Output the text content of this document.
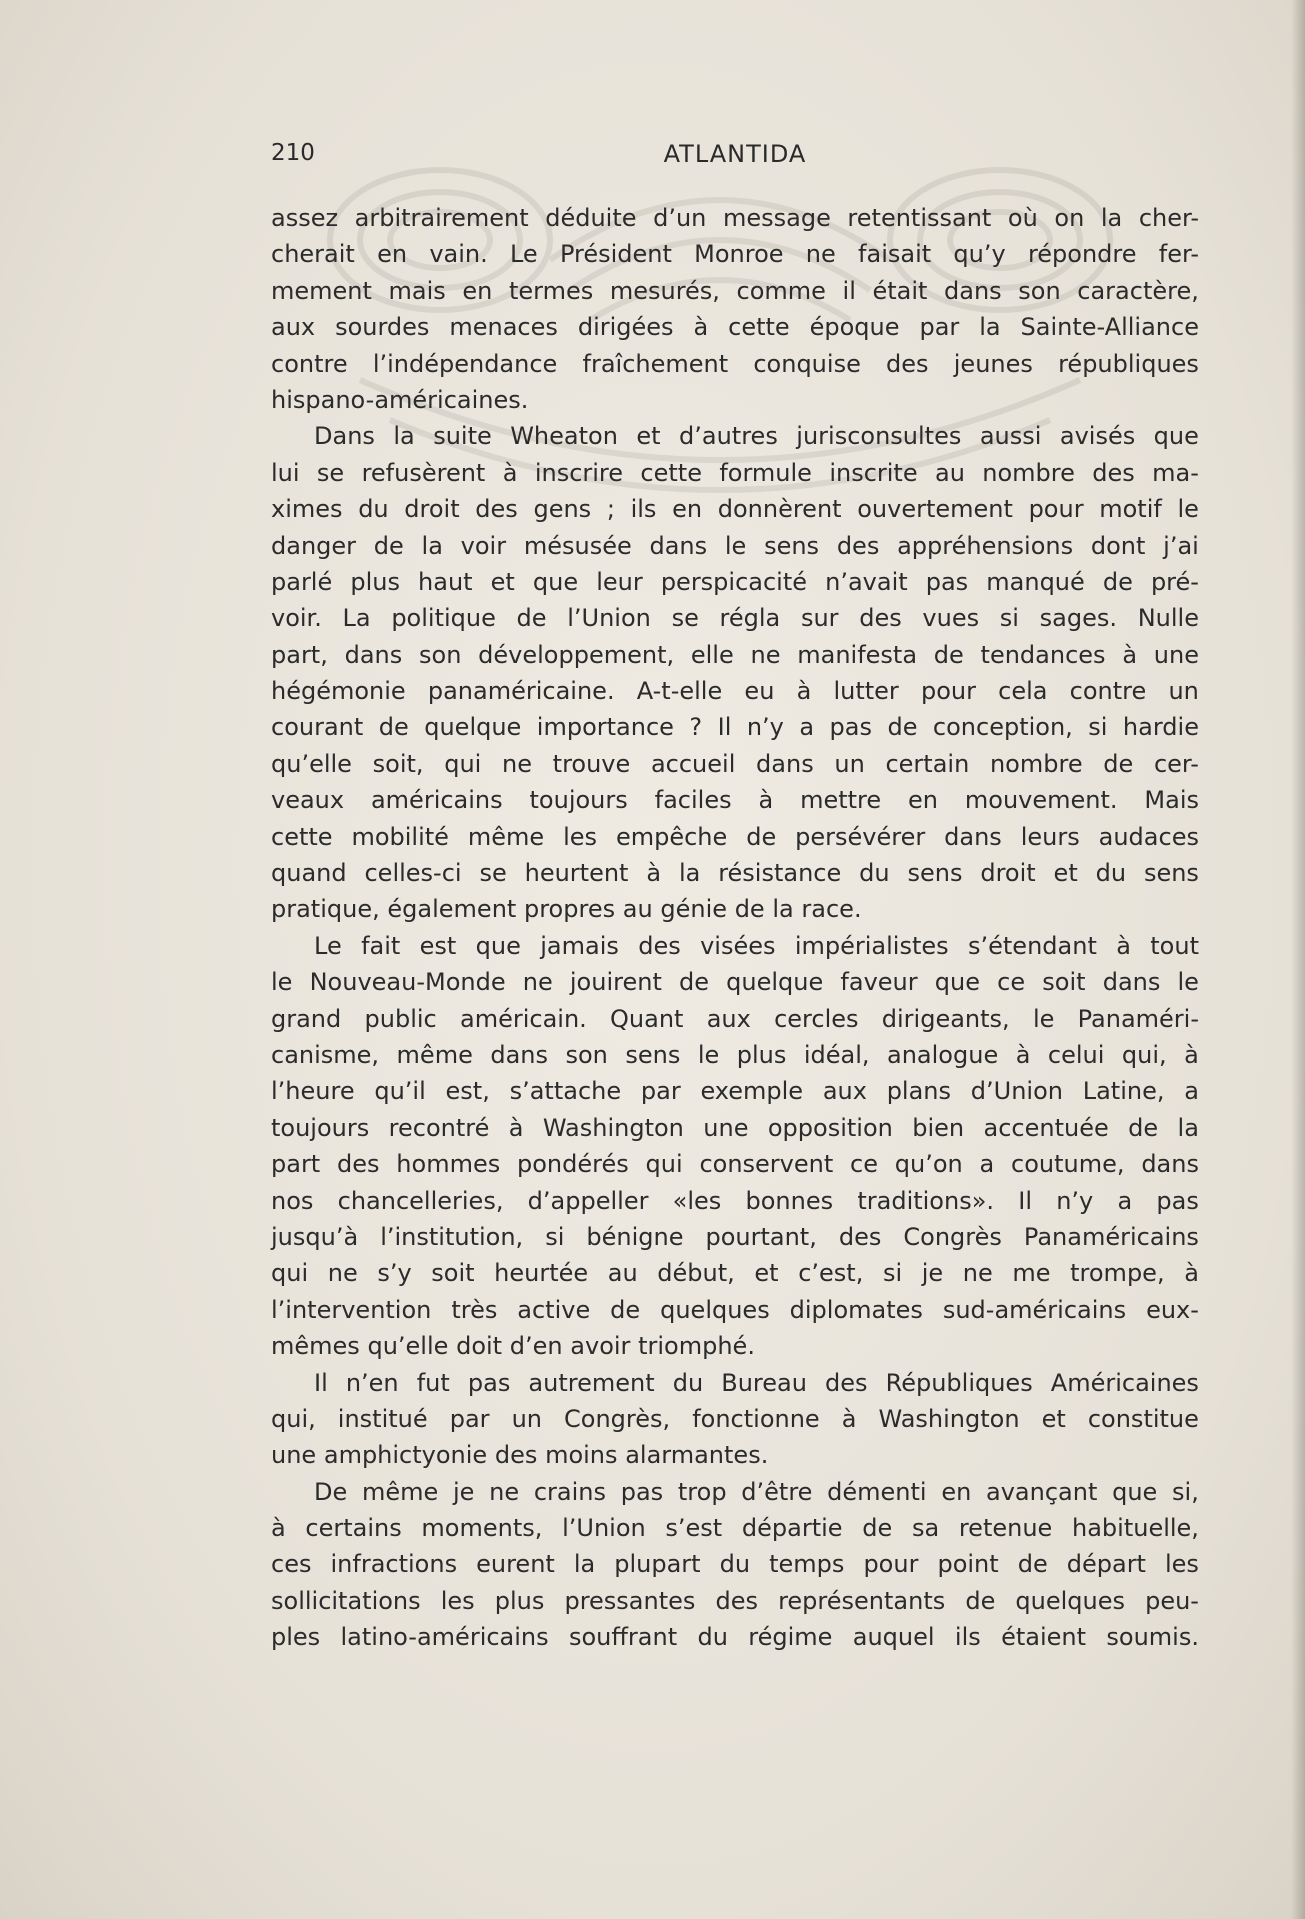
210	ATLANTIDA
assez arbitrairement déduite d’un message retentissant où on la cher-
cherait en vain. Le Président Monroe ne faisait qu’y répondre fer-
mement mais en termes mesurés, comme il était dans son caractère,
aux sourdes menaces dirigées à cette époque par la Sainte-Alliance
contre l’indépendance fraîchement conquise des jeunes républiques
hispano-américaines.
Dans la suite Wheaton et d’autres jurisconsultes aussi avisés que
lui se refusèrent à inscrire cette formule inscrite au nombre des ma-
ximes du droit des gens ; ils en donnèrent ouvertement pour motif le
danger de la voir mésusée dans le sens des appréhensions dont j’ai
parlé plus haut et que leur perspicacité n’avait pas manqué de pré-
voir. La politique de l’Union se régla sur des vues si sages. Nulle
part, dans son développement, elle ne manifesta de tendances à une
hégémonie panaméricaine. A-t-elle eu à lutter pour cela contre un
courant de quelque importance ? Il n’y a pas de conception, si hardie
qu’elle soit, qui ne trouve accueil dans un certain nombre de cer-
veaux américains toujours faciles à mettre en mouvement. Mais
cette mobilité même les empêche de persévérer dans leurs audaces
quand celles-ci se heurtent à la résistance du sens droit et du sens
pratique, également propres au génie de la race.
Le fait est que jamais des visées impérialistes s’étendant à tout
le Nouveau-Monde ne jouirent de quelque faveur que ce soit dans le
grand public américain. Quant aux cercles dirigeants, le Panaméri-
canisme, même dans son sens le plus idéal, analogue à celui qui, à
l’heure qu’il est, s’attache par exemple aux plans d’Union Latine, a
toujours recontré à Washington une opposition bien accentuée de la
part des hommes pondérés qui conservent ce qu’on a coutume, dans
nos chancelleries, d’appeller «les bonnes traditions». Il n’y a pas
jusqu’à l’institution, si bénigne pourtant, des Congrès Panaméricains
qui ne s’y soit heurtée au début, et c’est, si je ne me trompe, à
l’intervention très active de quelques diplomates sud-américains eux-
mêmes qu’elle doit d’en avoir triomphé.
Il n’en fut pas autrement du Bureau des Républiques Américaines
qui, institué par un Congrès, fonctionne à Washington et constitue
une amphictyonie des moins alarmantes.
De même je ne crains pas trop d’être démenti en avançant que si,
à certains moments, l’Union s’est départie de sa retenue habituelle,
ces infractions eurent la plupart du temps pour point de départ les
sollicitations les plus pressantes des représentants de quelques peu-
ples latino-américains souffrant du régime auquel ils étaient soumis.
